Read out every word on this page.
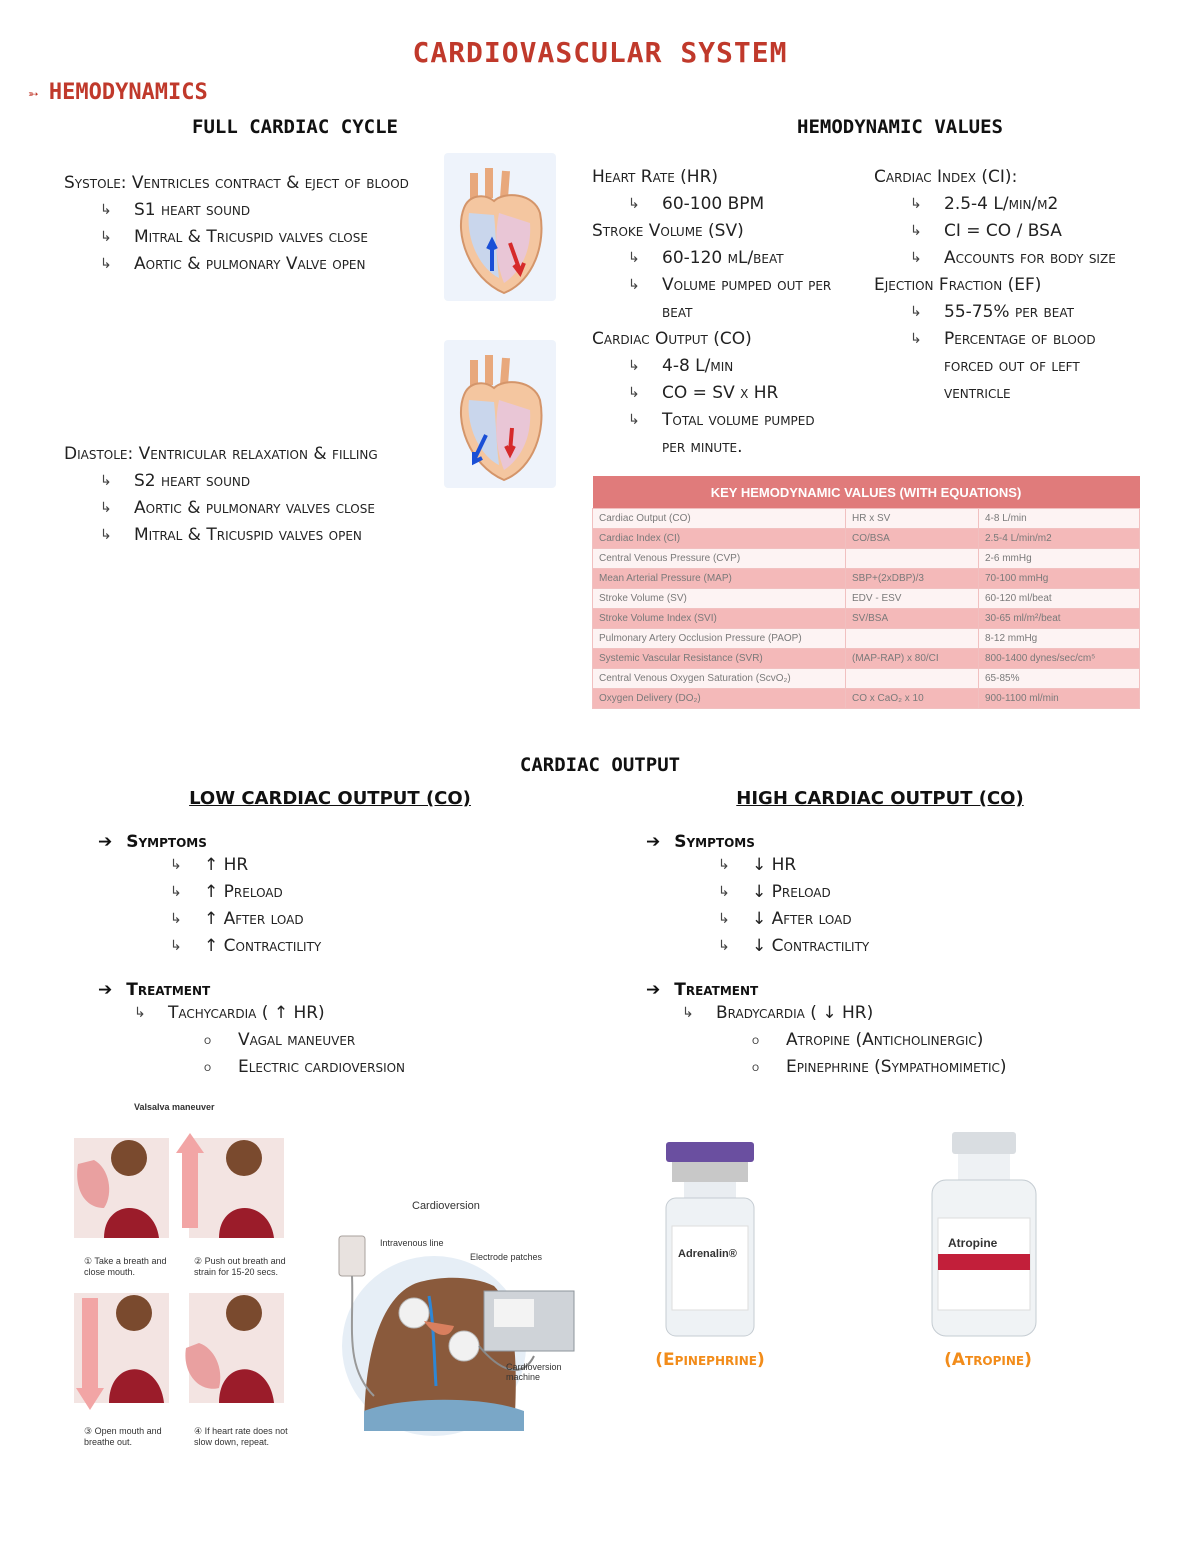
CARDIOVASCULAR SYSTEM
➳ HEMODYNAMICS
FULL CARDIAC CYCLE
Systole: Ventricles contract & eject of blood
↳ S1 heart sound
↳ Mitral & Tricuspid valves close
↳ Aortic & pulmonary Valve open
Diastole: Ventricular relaxation & filling
↳ S2 heart sound
↳ Aortic & pulmonary valves close
↳ Mitral & Tricuspid valves open
HEMODYNAMIC VALUES
Heart Rate (HR)
↳ 60-100 BPM
Stroke Volume (SV)
↳ 60-120 mL/beat
↳ Volume pumped out per beat
Cardiac Output (CO)
↳ 4-8 L/min
↳ CO = SV x HR
↳ Total volume pumped per minute.
Cardiac Index (CI):
↳ 2.5-4 L/min/m2
↳ CI = CO / BSA
↳ Accounts for body size
Ejection Fraction (EF)
↳ 55-75% per beat
↳ Percentage of blood forced out of left ventricle
KEY HEMODYNAMIC VALUES (WITH EQUATIONS)		
Cardiac Output (CO)	HR x SV	4-8 L/min
Cardiac Index (CI)	CO/BSA	2.5-4 L/min/m2
Central Venous Pressure (CVP)		2-6 mmHg
Mean Arterial Pressure (MAP)	SBP+(2xDBP)/3	70-100 mmHg
Stroke Volume (SV)	EDV - ESV	60-120 ml/beat
Stroke Volume Index (SVI)	SV/BSA	30-65 ml/m²/beat
Pulmonary Artery Occlusion Pressure (PAOP)		8-12 mmHg
Systemic Vascular Resistance (SVR)	(MAP-RAP) x 80/CI	800-1400 dynes/sec/cm⁵
Central Venous Oxygen Saturation (ScvO₂)		65-85%
Oxygen Delivery (DO₂)	CO x CaO₂ x 10	900-1100 ml/min
CARDIAC OUTPUT
LOW CARDIAC OUTPUT (CO)	HIGH CARDIAC OUTPUT (CO)
➔ Symptoms
↳ ↑ HR
↳ ↑ Preload
↳ ↑ After load
↳ ↑ Contractility
➔ Treatment
↳ Tachycardia ( ↑ HR)
o Vagal maneuver
o Electric cardioversion
➔ Symptoms
↳ ↓ HR
↳ ↓ Preload
↳ ↓ After load
↳ ↓ Contractility
➔ Treatment
↳ Bradycardia ( ↓ HR)
o Atropine (Anticholinergic)
o Epinephrine (Sympathomimetic)
Valsalva maneuver
① Take a breath and close mouth.
② Push out breath and strain for 15-20 secs.
③ Open mouth and breathe out.
④ If heart rate does not slow down, repeat.
Cardioversion
Intravenous line
Electrode patches
Cardioversion machine
Adrenalin®
(Epinephrine)
Atropine
(Atropine)
